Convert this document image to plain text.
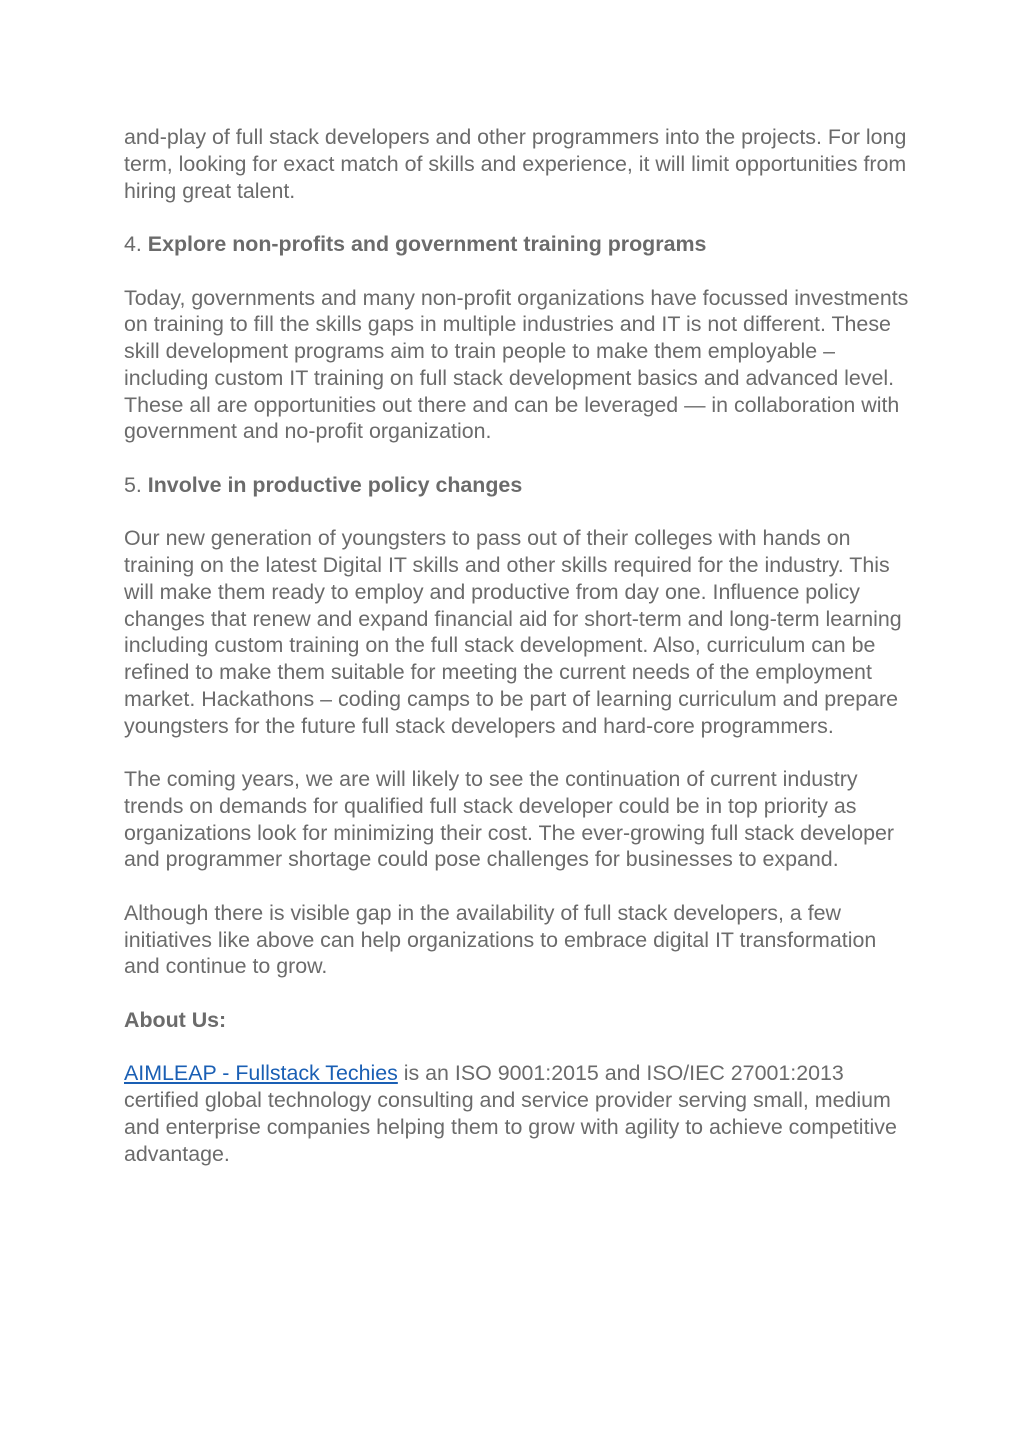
and-play of full stack developers and other programmers into the projects. For long term, looking for exact match of skills and experience, it will limit opportunities from hiring great talent.

4. Explore non-profits and government training programs

Today, governments and many non-profit organizations have focussed investments on training to fill the skills gaps in multiple industries and IT is not different. These skill development programs aim to train people to make them employable – including custom IT training on full stack development basics and advanced level. These all are opportunities out there and can be leveraged — in collaboration with government and no-profit organization.

5. Involve in productive policy changes

Our new generation of youngsters to pass out of their colleges with hands on training on the latest Digital IT skills and other skills required for the industry. This will make them ready to employ and productive from day one. Influence policy changes that renew and expand financial aid for short-term and long-term learning including custom training on the full stack development. Also, curriculum can be refined to make them suitable for meeting the current needs of the employment market. Hackathons – coding camps to be part of learning curriculum and prepare youngsters for the future full stack developers and hard-core programmers.

The coming years, we are will likely to see the continuation of current industry trends on demands for qualified full stack developer could be in top priority as organizations look for minimizing their cost. The ever-growing full stack developer and programmer shortage could pose challenges for businesses to expand.

Although there is visible gap in the availability of full stack developers, a few initiatives like above can help organizations to embrace digital IT transformation and continue to grow.

About Us:

AIMLEAP - Fullstack Techies is an ISO 9001:2015 and ISO/IEC 27001:2013 certified global technology consulting and service provider serving small, medium and enterprise companies helping them to grow with agility to achieve competitive advantage.
